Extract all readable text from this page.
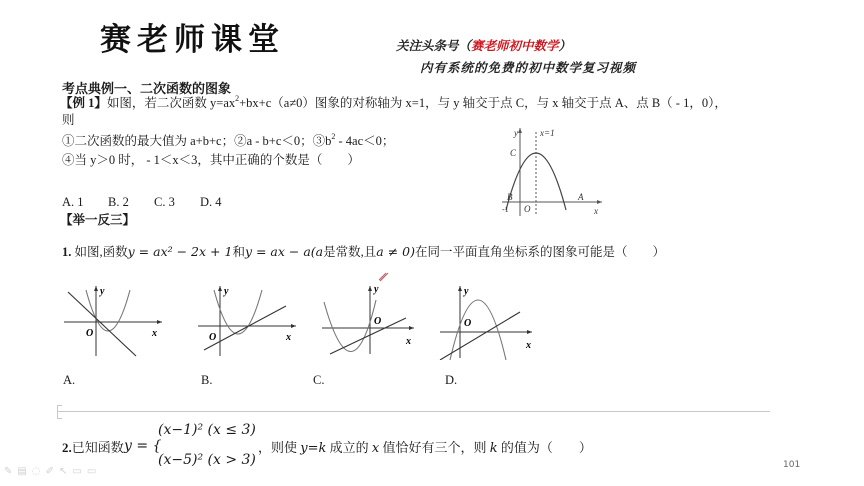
赛老师课堂	关注头条号（赛老师初中数学）
内有系统的免费的初中数学复习视频
考点典例一、二次函数的图象
【例 1】如图，若二次函数 $y=ax^2+bx+c(a\ne 0)$图象的对称轴为 x=1，与 y 轴交于点 C，与 x 轴交于点 A、点 B（ - 1，0），
则
①二次函数的最大值为 a+b+c；②a - b+c＜0；$③b^2 - 4ac<0$；
④当 y＞0 时， - 1＜x＜3，其中正确的个数是（　　）
A. 1 B. 2 C. 3 D. 4
y x=1
C
B	A
O
-1	x
【举一反三】
1. 如图,函数y = ax² − 2x + 1和y = ax − a(a是常数,且a ≠ 0)在同一平面直角坐标系的图象可能是（　　）
y
O	x
y
O	x
y
O
x
y
O
x
A.	B.	C.	D.
2.已知函数 y = {
(x−1)² (x ≤ 3)
(x−5)² (x > 3)
，则使 y=k 成立的 x 值恰好有三个，则 k 的值为（　　）
101
✎ ▤ ◌ ✐ ↖ ▭ ▭
